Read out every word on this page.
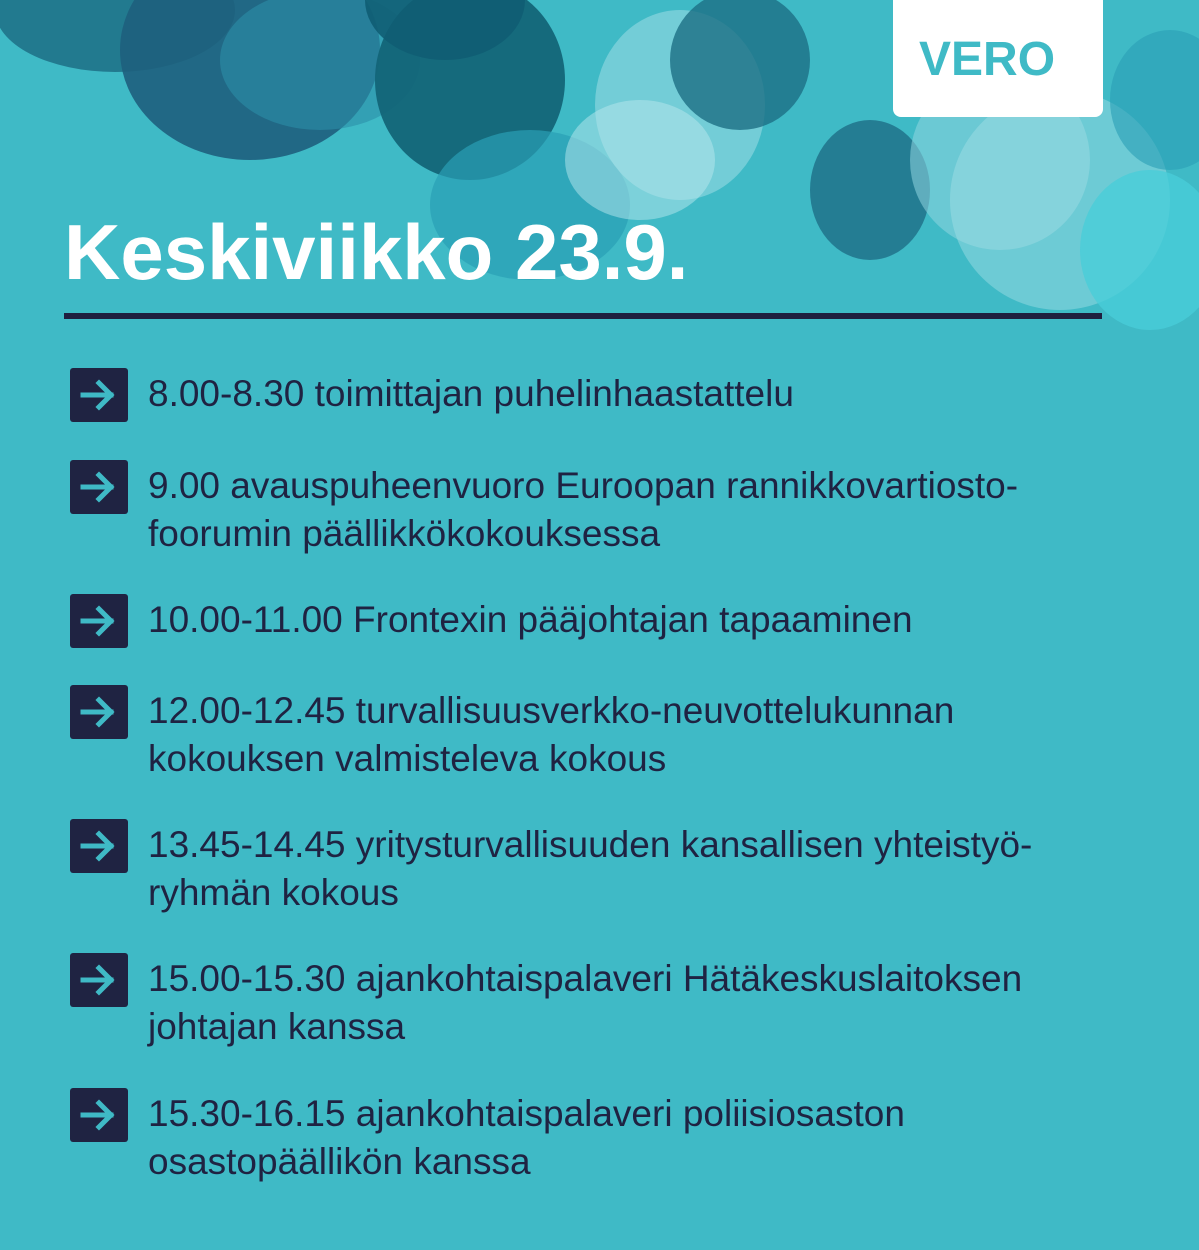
VERO
Keskiviikko 23.9.

8.00-8.30 toimittajan puhelinhaastattelu

9.00 avauspuheenvuoro Euroopan rannikkovartiosto-
foorumin päällikkökokouksessa

10.00-11.00 Frontexin pääjohtajan tapaaminen

12.00-12.45 turvallisuusverkko-neuvottelukunnan
kokouksen valmisteleva kokous

13.45-14.45 yritysturvallisuuden kansallisen yhteistyö-
ryhmän kokous

15.00-15.30 ajankohtaispalaveri Hätäkeskuslaitoksen
johtajan kanssa

15.30-16.15 ajankohtaispalaveri poliisiosaston
osastopäällikön kanssa
